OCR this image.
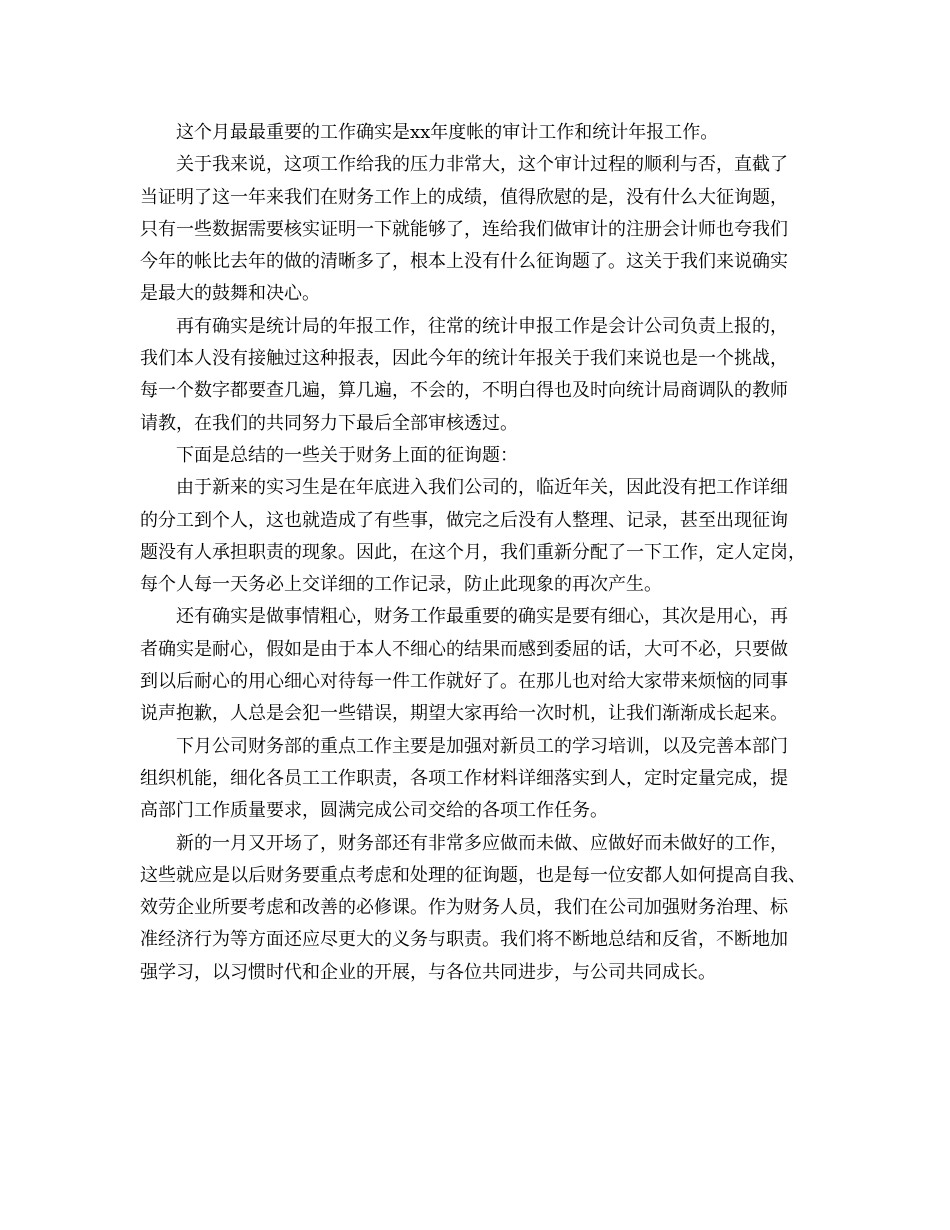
这个月最最重要的工作确实是xx年度帐的审计工作和统计年报工作。
关于我来说，这项工作给我的压力非常大，这个审计过程的顺利与否，直截了
当证明了这一年来我们在财务工作上的成绩，值得欣慰的是，没有什么大征询题，
只有一些数据需要核实证明一下就能够了，连给我们做审计的注册会计师也夸我们
今年的帐比去年的做的清晰多了，根本上没有什么征询题了。这关于我们来说确实
是最大的鼓舞和决心。
再有确实是统计局的年报工作，往常的统计申报工作是会计公司负责上报的，
我们本人没有接触过这种报表，因此今年的统计年报关于我们来说也是一个挑战，
每一个数字都要查几遍，算几遍，不会的，不明白得也及时向统计局商调队的教师
请教，在我们的共同努力下最后全部审核透过。
下面是总结的一些关于财务上面的征询题：
由于新来的实习生是在年底进入我们公司的，临近年关，因此没有把工作详细
的分工到个人，这也就造成了有些事，做完之后没有人整理、记录，甚至出现征询
题没有人承担职责的现象。因此，在这个月，我们重新分配了一下工作，定人定岗，
每个人每一天务必上交详细的工作记录，防止此现象的再次产生。
还有确实是做事情粗心，财务工作最重要的确实是要有细心，其次是用心，再
者确实是耐心，假如是由于本人不细心的结果而感到委屈的话，大可不必，只要做
到以后耐心的用心细心对待每一件工作就好了。在那儿也对给大家带来烦恼的同事
说声抱歉，人总是会犯一些错误，期望大家再给一次时机，让我们渐渐成长起来。
下月公司财务部的重点工作主要是加强对新员工的学习培训，以及完善本部门
组织机能，细化各员工工作职责，各项工作材料详细落实到人，定时定量完成，提
高部门工作质量要求，圆满完成公司交给的各项工作任务。
新的一月又开场了，财务部还有非常多应做而未做、应做好而未做好的工作，
这些就应是以后财务要重点考虑和处理的征询题，也是每一位安都人如何提高自我、
效劳企业所要考虑和改善的必修课。作为财务人员，我们在公司加强财务治理、标
准经济行为等方面还应尽更大的义务与职责。我们将不断地总结和反省，不断地加
强学习，以习惯时代和企业的开展，与各位共同进步，与公司共同成长。
